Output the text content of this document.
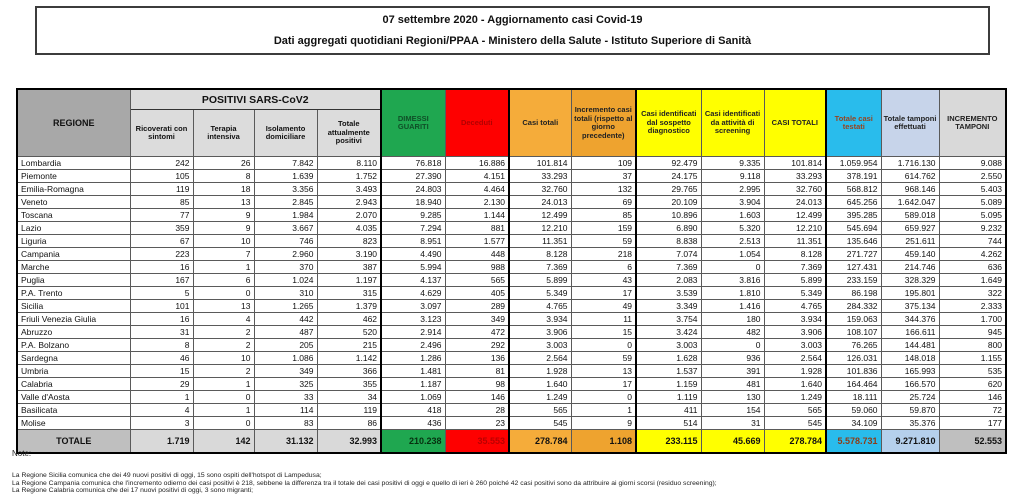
07 settembre 2020 - Aggiornamento casi Covid-19
Dati aggregati quotidiani Regioni/PPAA - Ministero della Salute - Istituto Superiore di Sanità
REGIONE	POSITIVI SARS-CoV2				DIMESSI GUARITI	Deceduti	Casi totali	Incremento casi totali (rispetto al giorno precedente)	Casi identificati dal sospetto diagnostico	Casi identificati da attività di screening	CASI TOTALI	Totale casi testati	Totale tamponi effettuati	INCREMENTO TAMPONI
	Ricoverati con sintomi	Terapia intensiva	Isolamento domiciliare	Totale attualmente positivi										
Lombardia	242	26	7.842	8.110	76.818	16.886	101.814	109	92.479	9.335	101.814	1.059.954	1.716.130	9.088
Piemonte	105	8	1.639	1.752	27.390	4.151	33.293	37	24.175	9.118	33.293	378.191	614.762	2.550
Emilia-Romagna	119	18	3.356	3.493	24.803	4.464	32.760	132	29.765	2.995	32.760	568.812	968.146	5.403
Veneto	85	13	2.845	2.943	18.940	2.130	24.013	69	20.109	3.904	24.013	645.256	1.642.047	5.089
Toscana	77	9	1.984	2.070	9.285	1.144	12.499	85	10.896	1.603	12.499	395.285	589.018	5.095
Lazio	359	9	3.667	4.035	7.294	881	12.210	159	6.890	5.320	12.210	545.694	659.927	9.232
Liguria	67	10	746	823	8.951	1.577	11.351	59	8.838	2.513	11.351	135.646	251.611	744
Campania	223	7	2.960	3.190	4.490	448	8.128	218	7.074	1.054	8.128	271.727	459.140	4.262
Marche	16	1	370	387	5.994	988	7.369	6	7.369	0	7.369	127.431	214.746	636
Puglia	167	6	1.024	1.197	4.137	565	5.899	43	2.083	3.816	5.899	233.159	328.329	1.649
P.A. Trento	5	0	310	315	4.629	405	5.349	17	3.539	1.810	5.349	86.198	195.801	322
Sicilia	101	13	1.265	1.379	3.097	289	4.765	49	3.349	1.416	4.765	284.332	375.134	2.333
Friuli Venezia Giulia	16	4	442	462	3.123	349	3.934	11	3.754	180	3.934	159.063	344.376	1.700
Abruzzo	31	2	487	520	2.914	472	3.906	15	3.424	482	3.906	108.107	166.611	945
P.A. Bolzano	8	2	205	215	2.496	292	3.003	0	3.003	0	3.003	76.265	144.481	800
Sardegna	46	10	1.086	1.142	1.286	136	2.564	59	1.628	936	2.564	126.031	148.018	1.155
Umbria	15	2	349	366	1.481	81	1.928	13	1.537	391	1.928	101.836	165.993	535
Calabria	29	1	325	355	1.187	98	1.640	17	1.159	481	1.640	164.464	166.570	620
Valle d'Aosta	1	0	33	34	1.069	146	1.249	0	1.119	130	1.249	18.111	25.724	146
Basilicata	4	1	114	119	418	28	565	1	411	154	565	59.060	59.870	72
Molise	3	0	83	86	436	23	545	9	514	31	545	34.109	35.376	177
TOTALE	1.719	142	31.132	32.993	210.238	35.553	278.784	1.108	233.115	45.669	278.784	5.578.731	9.271.810	52.553
Note:
La Regione Sicilia comunica che dei 49 nuovi positivi di oggi, 15 sono ospiti dell'hotspot di Lampedusa;
La Regione Campania comunica che l'incremento odierno dei casi positivi è 218, sebbene la differenza tra il totale dei casi positivi di oggi e quello di ieri è 260 poiché 42 casi positivi sono da attribuire ai giorni scorsi (residuo screening);
La Regione Calabria comunica che dei 17 nuovi positivi di oggi, 3 sono migranti;
